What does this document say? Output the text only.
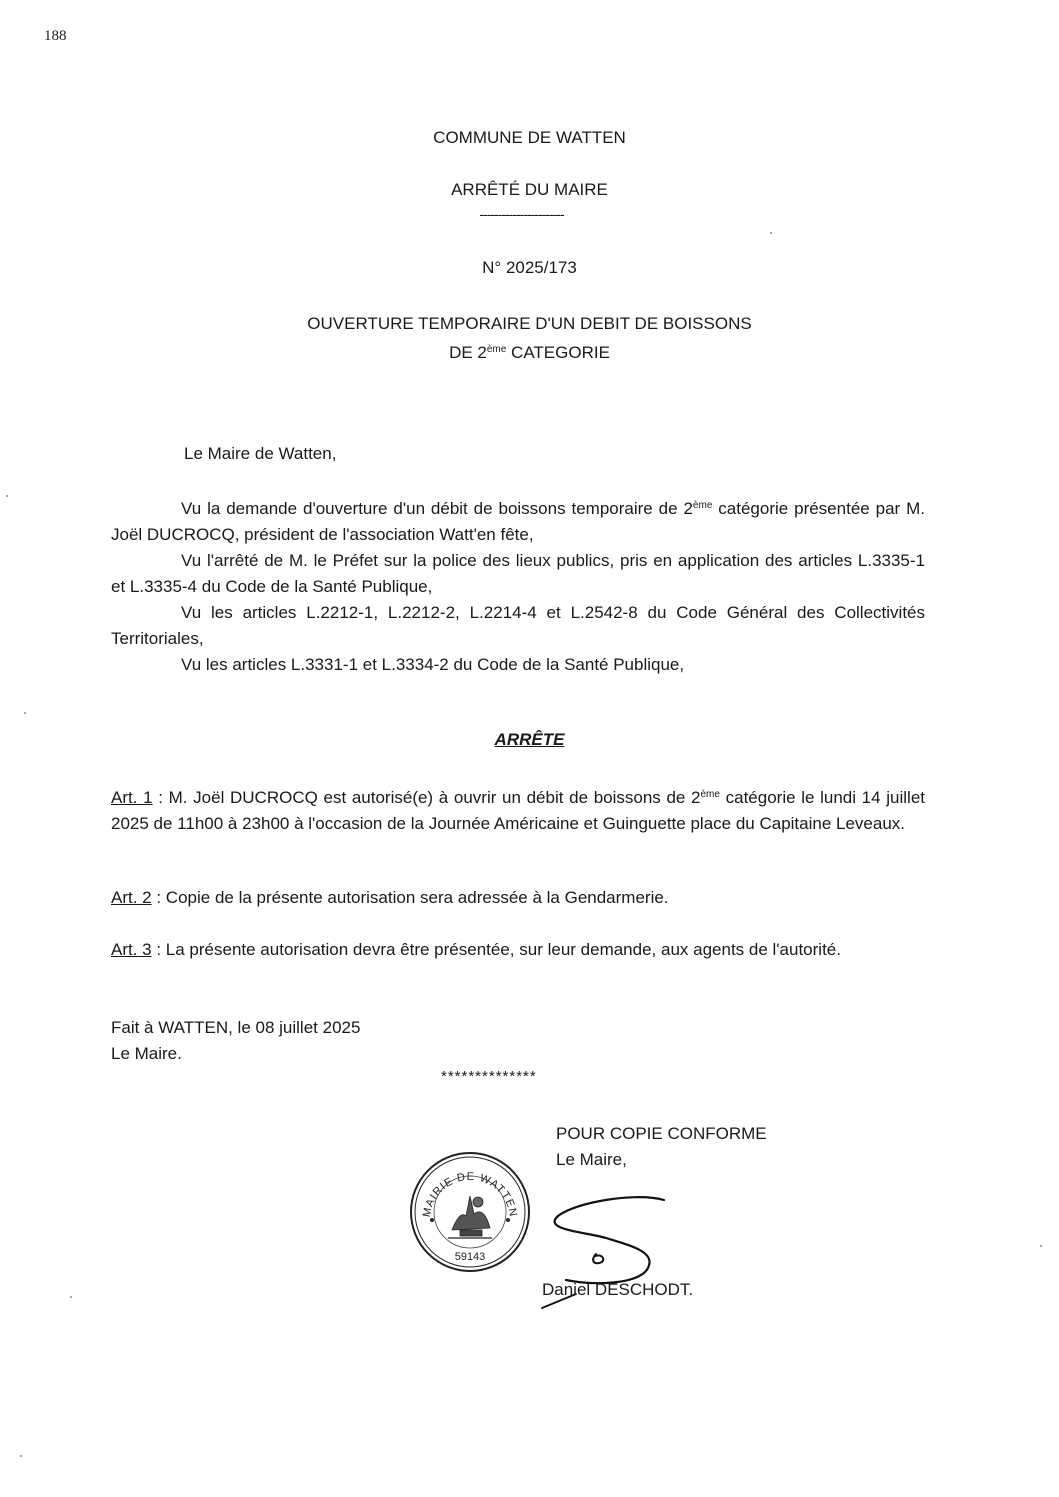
188
COMMUNE DE WATTEN
ARRÊTÉ DU MAIRE
-----------------------
N° 2025/173
OUVERTURE TEMPORAIRE D'UN DEBIT DE BOISSONS
DE 2ème CATEGORIE
Le Maire de Watten,

Vu la demande d'ouverture d'un débit de boissons temporaire de 2ème catégorie présentée par M. Joël DUCROCQ, président de l'association Watt'en fête,

Vu l'arrêté de M. le Préfet sur la police des lieux publics, pris en application des articles L.3335-1 et L.3335-4 du Code de la Santé Publique,

Vu les articles L.2212-1, L.2212-2, L.2214-4 et L.2542-8 du Code Général des Collectivités Territoriales,

Vu les articles L.3331-1 et L.3334-2 du Code de la Santé Publique,

ARRÊTE

Art. 1 : M. Joël DUCROCQ est autorisé(e) à ouvrir un débit de boissons de 2ème catégorie le lundi 14 juillet 2025 de 11h00 à 23h00 à l'occasion de la Journée Américaine et Guinguette place du Capitaine Leveaux.

Art. 2 : Copie de la présente autorisation sera adressée à la Gendarmerie.

Art. 3 : La présente autorisation devra être présentée, sur leur demande, aux agents de l'autorité.

Fait à WATTEN, le 08 juillet 2025
Le Maire.
**************
POUR COPIE CONFORME
Le Maire,
MAIRIE DE WATTEN
59143
Daniel DESCHODT.
